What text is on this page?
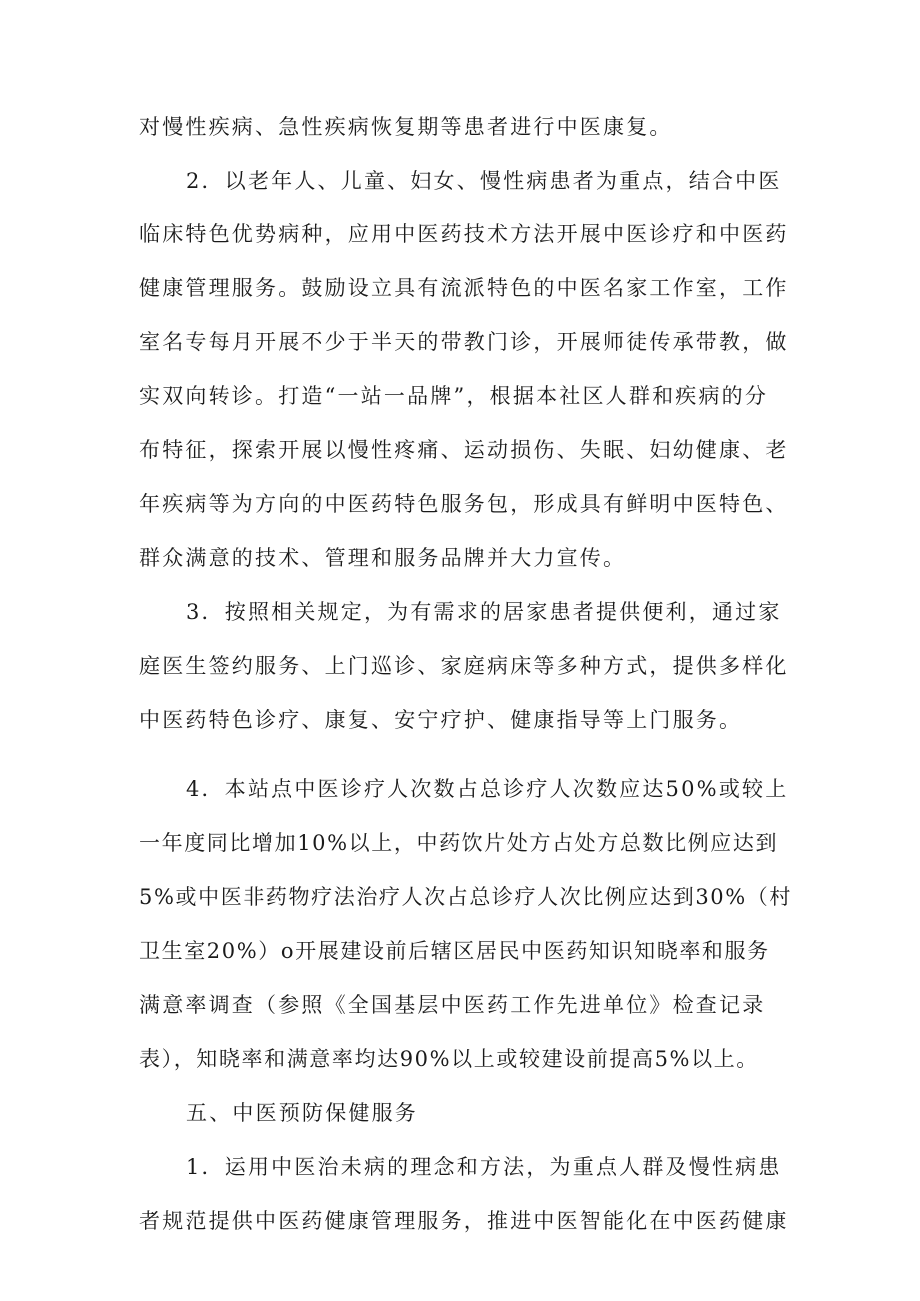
对慢性疾病、急性疾病恢复期等患者进行中医康复。
2．以老年人、儿童、妇女、慢性病患者为重点，结合中医
临床特色优势病种，应用中医药技术方法开展中医诊疗和中医药
健康管理服务。鼓励设立具有流派特色的中医名家工作室，工作
室名专每月开展不少于半天的带教门诊，开展师徒传承带教，做
实双向转诊。打造“一站一品牌”，根据本社区人群和疾病的分
布特征，探索开展以慢性疼痛、运动损伤、失眠、妇幼健康、老
年疾病等为方向的中医药特色服务包，形成具有鲜明中医特色、
群众满意的技术、管理和服务品牌并大力宣传。
3．按照相关规定，为有需求的居家患者提供便利，通过家
庭医生签约服务、上门巡诊、家庭病床等多种方式，提供多样化
中医药特色诊疗、康复、安宁疗护、健康指导等上门服务。
4．本站点中医诊疗人次数占总诊疗人次数应达50%或较上
一年度同比增加10%以上，中药饮片处方占处方总数比例应达到
5%或中医非药物疗法治疗人次占总诊疗人次比例应达到30%（村
卫生室20%）o开展建设前后辖区居民中医药知识知晓率和服务
满意率调查（参照《全国基层中医药工作先进单位》检查记录
表），知晓率和满意率均达90%以上或较建设前提高5%以上。
五、中医预防保健服务
1．运用中医治未病的理念和方法，为重点人群及慢性病患
者规范提供中医药健康管理服务，推进中医智能化在中医药健康
